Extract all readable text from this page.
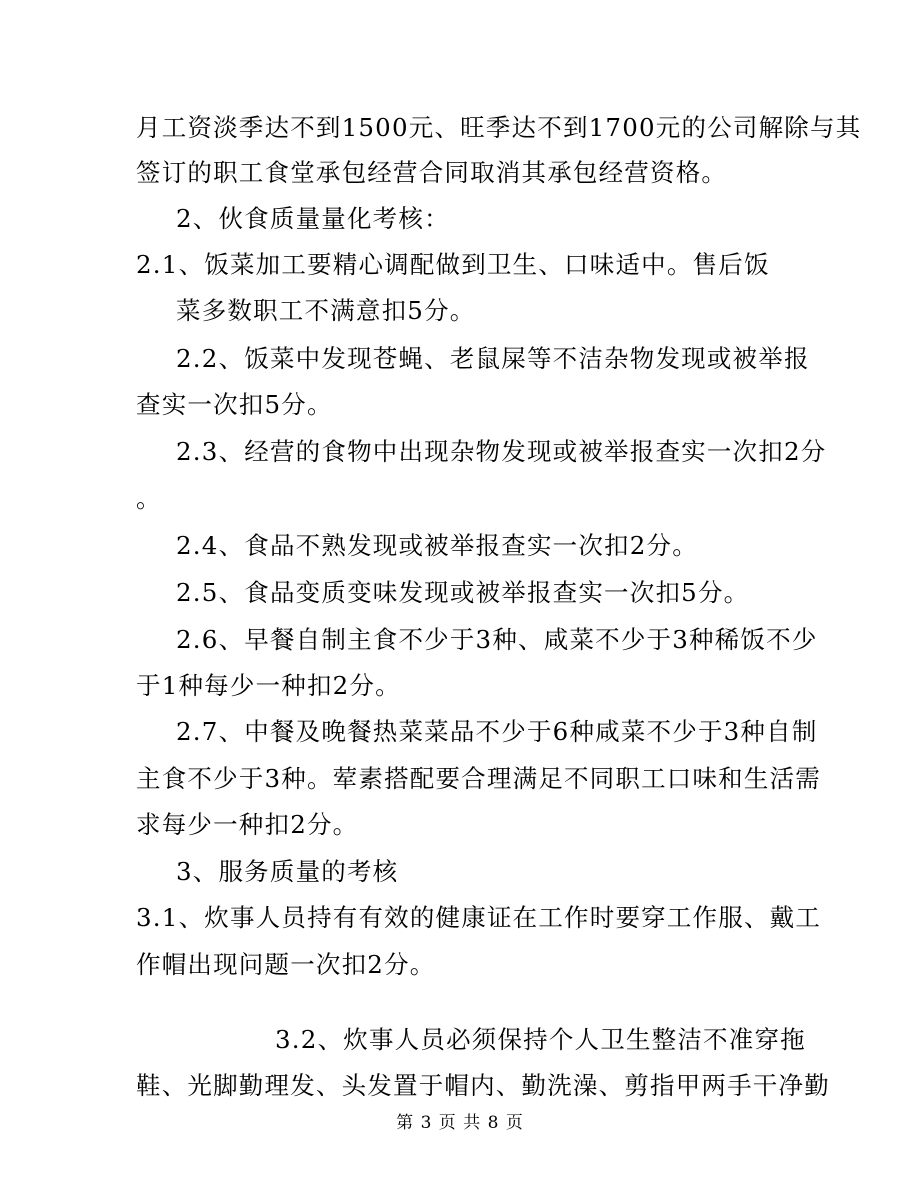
月工资淡季达不到1500元、旺季达不到1700元的公司解除与其
签订的职工食堂承包经营合同取消其承包经营资格。
2、伙食质量量化考核：
2.1、饭菜加工要精心调配做到卫生、口味适中。售后饭
菜多数职工不满意扣5分。
2.2、饭菜中发现苍蝇、老鼠屎等不洁杂物发现或被举报
查实一次扣5分。
2.3、经营的食物中出现杂物发现或被举报查实一次扣2分
。
2.4、食品不熟发现或被举报查实一次扣2分。
2.5、食品变质变味发现或被举报查实一次扣5分。
2.6、早餐自制主食不少于3种、咸菜不少于3种稀饭不少
于1种每少一种扣2分。
2.7、中餐及晚餐热菜菜品不少于6种咸菜不少于3种自制
主食不少于3种。荤素搭配要合理满足不同职工口味和生活需
求每少一种扣2分。
3、服务质量的考核
3.1、炊事人员持有有效的健康证在工作时要穿工作服、戴工
作帽出现问题一次扣2分。
3.2、炊事人员必须保持个人卫生整洁不准穿拖
鞋、光脚勤理发、头发置于帽内、勤洗澡、剪指甲两手干净勤
第 3 页 共 8 页
